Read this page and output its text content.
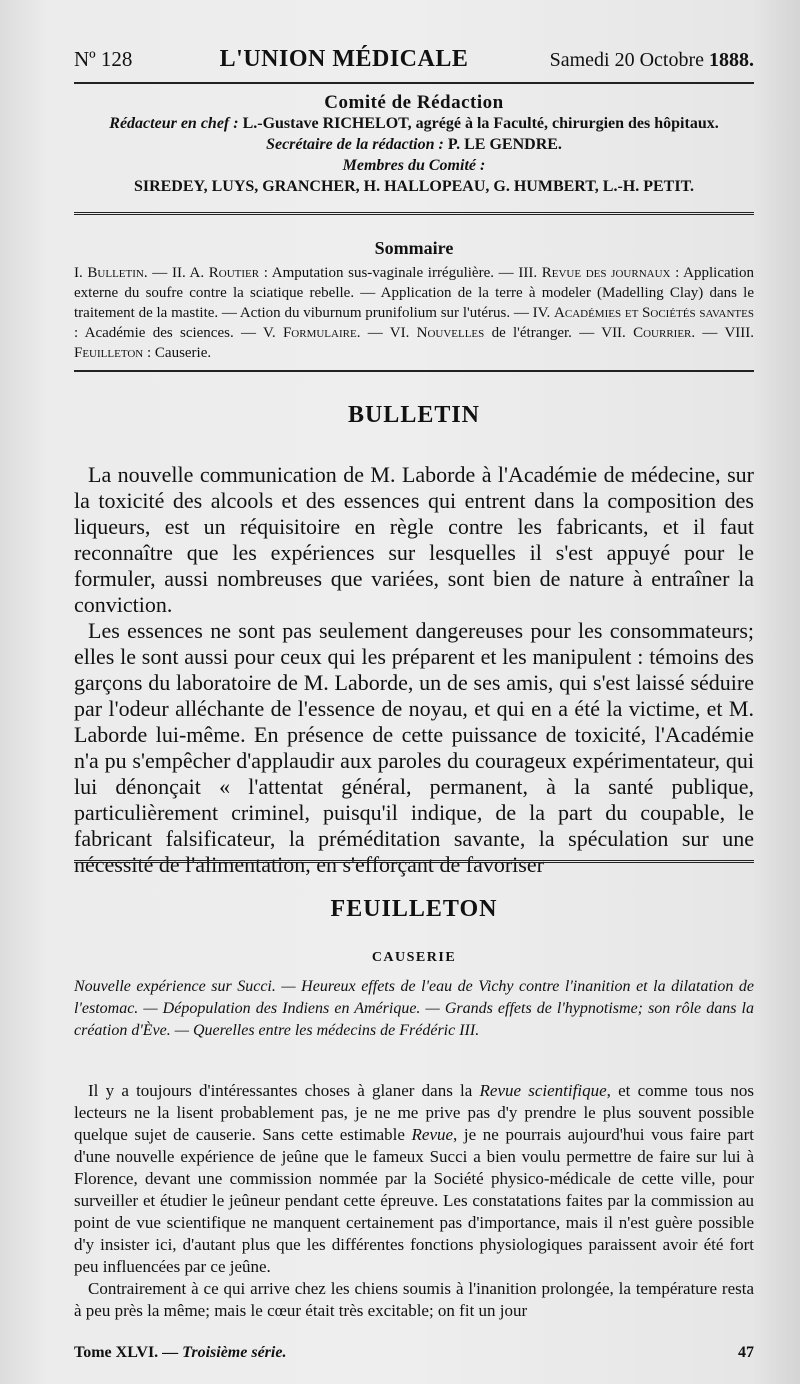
Nº 128	L'UNION MÉDICALE	Samedi 20 Octobre 1888.
Comité de Rédaction
Rédacteur en chef : L.-Gustave RICHELOT, agrégé à la Faculté, chirurgien des hôpitaux.
Secrétaire de la rédaction : P. LE GENDRE.
Membres du Comité :
SIREDEY, LUYS, GRANCHER, H. HALLOPEAU, G. HUMBERT, L.-H. PETIT.
Sommaire
I. Bulletin. — II. A. Routier : Amputation sus-vaginale irrégulière. — III. Revue des journaux : Application externe du soufre contre la sciatique rebelle. — Application de la terre à modeler (Madelling Clay) dans le traitement de la mastite. — Action du viburnum prunifolium sur l'utérus. — IV. Académies et Sociétés savantes : Académie des sciences. — V. Formulaire. — VI. Nouvelles de l'étranger. — VII. Courrier. — VIII. Feuilleton : Causerie.
BULLETIN

La nouvelle communication de M. Laborde à l'Académie de médecine, sur la toxicité des alcools et des essences qui entrent dans la composition des liqueurs, est un réquisitoire en règle contre les fabricants, et il faut reconnaître que les expériences sur lesquelles il s'est appuyé pour le formuler, aussi nombreuses que variées, sont bien de nature à entraîner la conviction.

Les essences ne sont pas seulement dangereuses pour les consommateurs; elles le sont aussi pour ceux qui les préparent et les manipulent : témoins des garçons du laboratoire de M. Laborde, un de ses amis, qui s'est laissé séduire par l'odeur alléchante de l'essence de noyau, et qui en a été la victime, et M. Laborde lui-même. En présence de cette puissance de toxicité, l'Académie n'a pu s'empêcher d'applaudir aux paroles du courageux expérimentateur, qui lui dénonçait « l'attentat général, permanent, à la santé publique, particulièrement criminel, puisqu'il indique, de la part du coupable, le fabricant falsificateur, la préméditation savante, la spéculation sur une nécessité de l'alimentation, en s'efforçant de favoriser

FEUILLETON
CAUSERIE
Nouvelle expérience sur Succi. — Heureux effets de l'eau de Vichy contre l'inanition et la dilatation de l'estomac. — Dépopulation des Indiens en Amérique. — Grands effets de l'hypnotisme; son rôle dans la création d'Ève. — Querelles entre les médecins de Frédéric III.

Il y a toujours d'intéressantes choses à glaner dans la Revue scientifique, et comme tous nos lecteurs ne la lisent probablement pas, je ne me prive pas d'y prendre le plus souvent possible quelque sujet de causerie. Sans cette estimable Revue, je ne pourrais aujourd'hui vous faire part d'une nouvelle expérience de jeûne que le fameux Succi a bien voulu permettre de faire sur lui à Florence, devant une commission nommée par la Société physico-médicale de cette ville, pour surveiller et étudier le jeûneur pendant cette épreuve. Les constatations faites par la commission au point de vue scientifique ne manquent certainement pas d'importance, mais il n'est guère possible d'y insister ici, d'autant plus que les différentes fonctions physiologiques paraissent avoir été fort peu influencées par ce jeûne.

Contrairement à ce qui arrive chez les chiens soumis à l'inanition prolongée, la température resta à peu près la même; mais le cœur était très excitable; on fit un jour

Tome XLVI. — Troisième série.	47
